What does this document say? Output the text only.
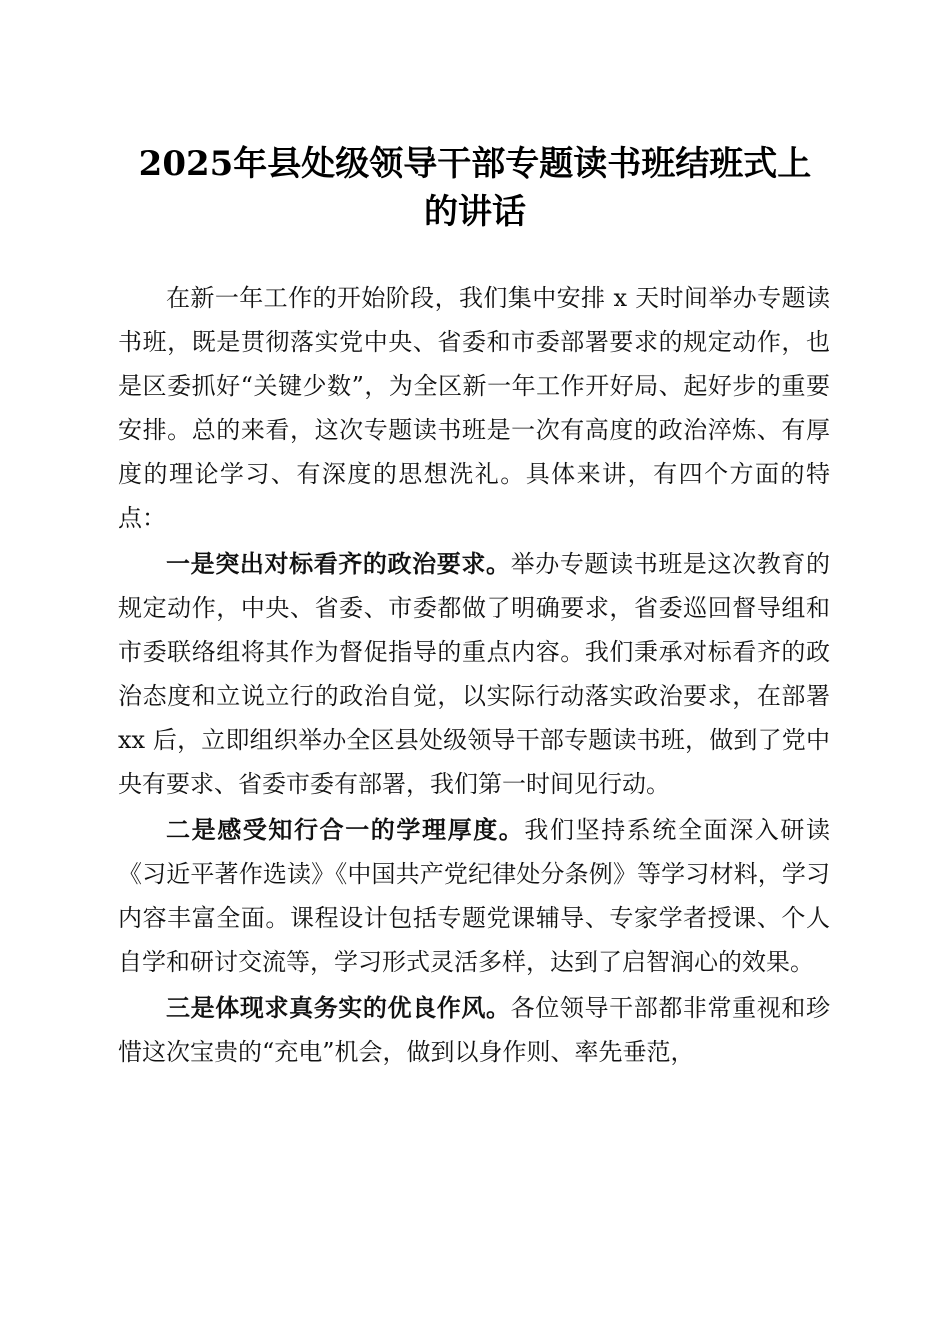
2025年县处级领导干部专题读书班结班式上
的讲话

在新一年工作的开始阶段，我们集中安排 x 天时间举办专题读书班，既是贯彻落实党中央、省委和市委部署要求的规定动作，也是区委抓好“关键少数”，为全区新一年工作开好局、起好步的重要安排。总的来看，这次专题读书班是一次有高度的政治淬炼、有厚度的理论学习、有深度的思想洗礼。具体来讲，有四个方面的特点：

一是突出对标看齐的政治要求。举办专题读书班是这次教育的规定动作，中央、省委、市委都做了明确要求，省委巡回督导组和市委联络组将其作为督促指导的重点内容。我们秉承对标看齐的政治态度和立说立行的政治自觉，以实际行动落实政治要求，在部署 xx 后，立即组织举办全区县处级领导干部专题读书班，做到了党中央有要求、省委市委有部署，我们第一时间见行动。

二是感受知行合一的学理厚度。我们坚持系统全面深入研读《习近平著作选读》《中国共产党纪律处分条例》等学习材料，学习内容丰富全面。课程设计包括专题党课辅导、专家学者授课、个人自学和研讨交流等，学习形式灵活多样，达到了启智润心的效果。

三是体现求真务实的优良作风。各位领导干部都非常重视和珍惜这次宝贵的“充电”机会，做到以身作则、率先垂范，
